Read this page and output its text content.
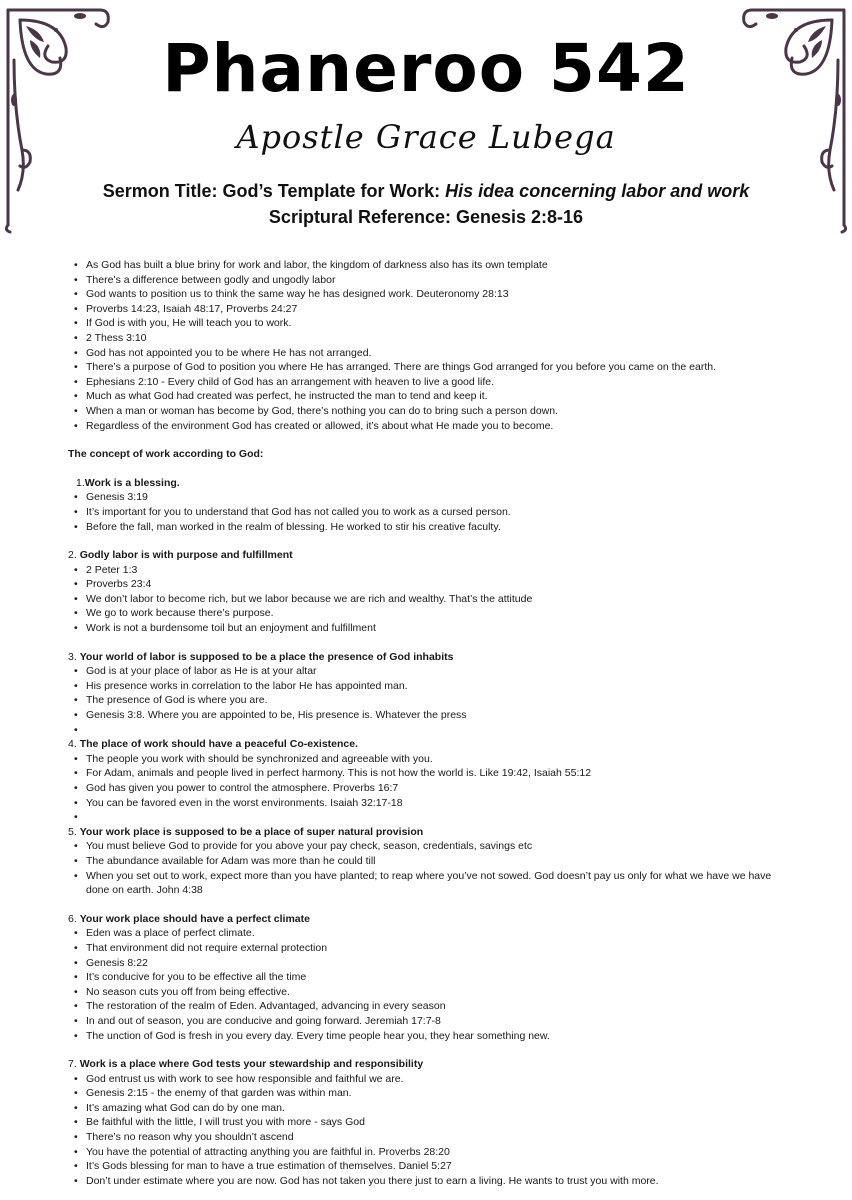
Phaneroo 542
Apostle Grace Lubega
Sermon Title: God’s Template for Work: His idea concerning labor and work
Scriptural Reference: Genesis 2:8-16
• As God has built a blue briny for work and labor, the kingdom of darkness also has its own template
• There’s a difference between godly and ungodly labor
• God wants to position us to think the same way he has designed work. Deuteronomy 28:13
• Proverbs 14:23, Isaiah 48:17, Proverbs 24:27
• If God is with you, He will teach you to work.
• 2 Thess 3:10
• God has not appointed you to be where He has not arranged.
• There’s a purpose of God to position you where He has arranged. There are things God arranged for you before you came on the earth.
• Ephesians 2:10 - Every child of God has an arrangement with heaven to live a good life.
• Much as what God had created was perfect, he instructed the man to tend and keep it.
• When a man or woman has become by God, there’s nothing you can do to bring such a person down.
• Regardless of the environment God has created or allowed, it’s about what He made you to become.
The concept of work according to God:
1.Work is a blessing.
• Genesis 3:19
• It’s important for you to understand that God has not called you to work as a cursed person.
• Before the fall, man worked in the realm of blessing. He worked to stir his creative faculty.
2. Godly labor is with purpose and fulfillment
• 2 Peter 1:3
• Proverbs 23:4
• We don’t labor to become rich, but we labor because we are rich and wealthy. That’s the attitude
• We go to work because there’s purpose.
• Work is not a burdensome toil but an enjoyment and fulfillment
3. Your world of labor is supposed to be a place the presence of God inhabits
• God is at your place of labor as He is at your altar
• His presence works in correlation to the labor He has appointed man.
• The presence of God is where you are.
• Genesis 3:8. Where you are appointed to be, His presence is. Whatever the press
•
4. The place of work should have a peaceful Co-existence.
• The people you work with should be synchronized and agreeable with you.
• For Adam, animals and people lived in perfect harmony. This is not how the world is. Like 19:42, Isaiah 55:12
• God has given you power to control the atmosphere. Proverbs 16:7
• You can be favored even in the worst environments. Isaiah 32:17-18
•
5. Your work place is supposed to be a place of super natural provision
• You must believe God to provide for you above your pay check, season, credentials, savings etc
• The abundance available for Adam was more than he could till
• When you set out to work, expect more than you have planted; to reap where you’ve not sowed. God doesn’t pay us only for what we have we have done on earth. John 4:38
6. Your work place should have a perfect climate
• Eden was a place of perfect climate.
• That environment did not require external protection
• Genesis 8:22
• It’s conducive for you to be effective all the time
• No season cuts you off from being effective.
• The restoration of the realm of Eden. Advantaged, advancing in every season
• In and out of season, you are conducive and going forward. Jeremiah 17:7-8
• The unction of God is fresh in you every day. Every time people hear you, they hear something new.
7. Work is a place where God tests your stewardship and responsibility
• God entrust us with work to see how responsible and faithful we are.
• Genesis 2:15 - the enemy of that garden was within man.
• It’s amazing what God can do by one man.
• Be faithful with the little, I will trust you with more - says God
• There’s no reason why you shouldn’t ascend
• You have the potential of attracting anything you are faithful in. Proverbs 28:20
• It’s Gods blessing for man to have a true estimation of themselves. Daniel 5:27
• Don’t under estimate where you are now. God has not taken you there just to earn a living. He wants to trust you with more.
